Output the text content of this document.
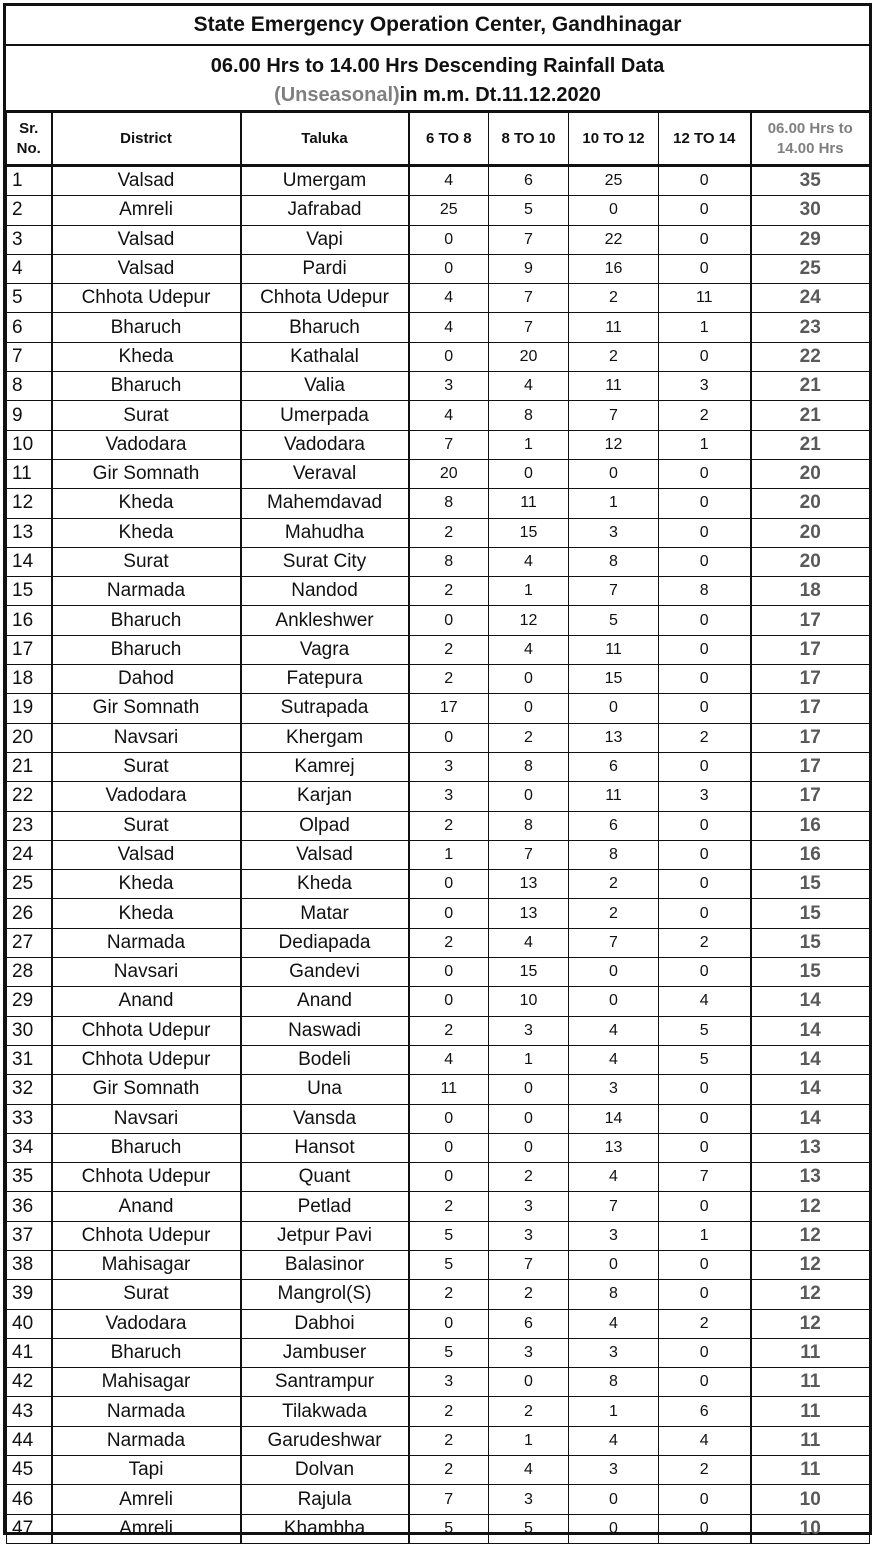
State Emergency Operation Center, Gandhinagar
06.00 Hrs to 14.00 Hrs Descending Rainfall Data
(Unseasonal)in m.m. Dt.11.12.2020
Sr.
No.	District	Taluka	6 TO 8	8 TO 10	10 TO 12	12 TO 14	06.00 Hrs to
14.00 Hrs
1	Valsad	Umergam	4	6	25	0	35
2	Amreli	Jafrabad	25	5	0	0	30
3	Valsad	Vapi	0	7	22	0	29
4	Valsad	Pardi	0	9	16	0	25
5	Chhota Udepur	Chhota Udepur	4	7	2	11	24
6	Bharuch	Bharuch	4	7	11	1	23
7	Kheda	Kathalal	0	20	2	0	22
8	Bharuch	Valia	3	4	11	3	21
9	Surat	Umerpada	4	8	7	2	21
10	Vadodara	Vadodara	7	1	12	1	21
11	Gir Somnath	Veraval	20	0	0	0	20
12	Kheda	Mahemdavad	8	11	1	0	20
13	Kheda	Mahudha	2	15	3	0	20
14	Surat	Surat City	8	4	8	0	20
15	Narmada	Nandod	2	1	7	8	18
16	Bharuch	Ankleshwer	0	12	5	0	17
17	Bharuch	Vagra	2	4	11	0	17
18	Dahod	Fatepura	2	0	15	0	17
19	Gir Somnath	Sutrapada	17	0	0	0	17
20	Navsari	Khergam	0	2	13	2	17
21	Surat	Kamrej	3	8	6	0	17
22	Vadodara	Karjan	3	0	11	3	17
23	Surat	Olpad	2	8	6	0	16
24	Valsad	Valsad	1	7	8	0	16
25	Kheda	Kheda	0	13	2	0	15
26	Kheda	Matar	0	13	2	0	15
27	Narmada	Dediapada	2	4	7	2	15
28	Navsari	Gandevi	0	15	0	0	15
29	Anand	Anand	0	10	0	4	14
30	Chhota Udepur	Naswadi	2	3	4	5	14
31	Chhota Udepur	Bodeli	4	1	4	5	14
32	Gir Somnath	Una	11	0	3	0	14
33	Navsari	Vansda	0	0	14	0	14
34	Bharuch	Hansot	0	0	13	0	13
35	Chhota Udepur	Quant	0	2	4	7	13
36	Anand	Petlad	2	3	7	0	12
37	Chhota Udepur	Jetpur Pavi	5	3	3	1	12
38	Mahisagar	Balasinor	5	7	0	0	12
39	Surat	Mangrol(S)	2	2	8	0	12
40	Vadodara	Dabhoi	0	6	4	2	12
41	Bharuch	Jambuser	5	3	3	0	11
42	Mahisagar	Santrampur	3	0	8	0	11
43	Narmada	Tilakwada	2	2	1	6	11
44	Narmada	Garudeshwar	2	1	4	4	11
45	Tapi	Dolvan	2	4	3	2	11
46	Amreli	Rajula	7	3	0	0	10
47	Amreli	Khambha	5	5	0	0	10
